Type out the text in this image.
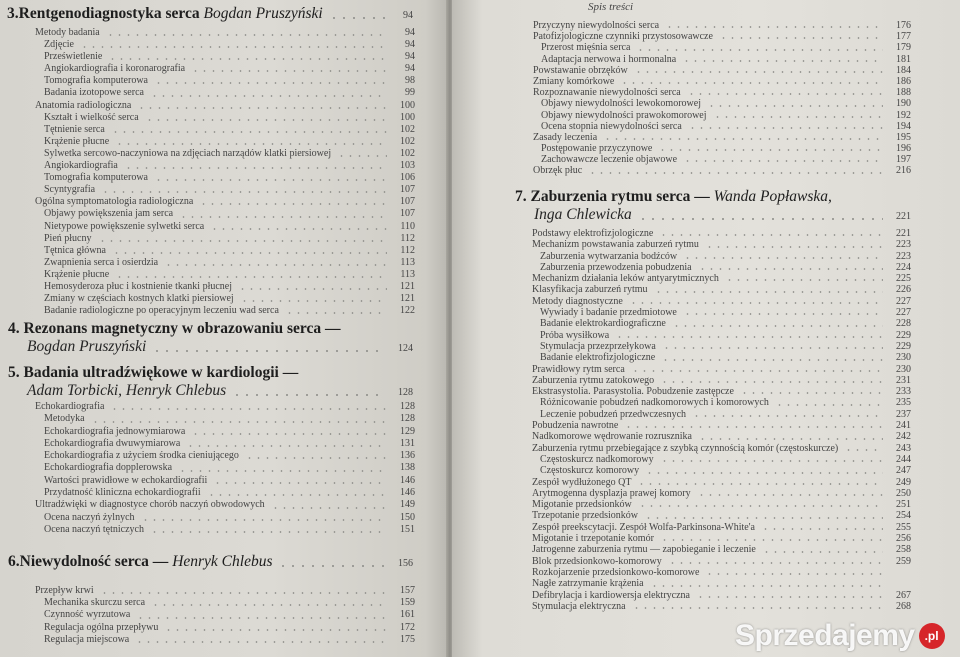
Spis treści
Sprzedajemy .pl
3. Rentgenodiagnostyka serca
Bogdan Pruszyński	94
Metody badania	94
Zdjęcie	94
Prześwietlenie	94
Angiokardiografia i koronarografia	94
Tomografia komputerowa	98
Badania izotopowe serca	99
Anatomia radiologiczna	100
Kształt i wielkość serca	100
Tętnienie serca	102
Krążenie płucne	102
Sylwetka sercowo-naczyniowa na zdjęciach narządów klatki piersiowej	102
Angiokardiografia	103
Tomografia komputerowa	106
Scyntygrafia	107
Ogólna symptomatologia radiologiczna	107
Objawy powiększenia jam serca	107
Nietypowe powiększenie sylwetki serca	110
Pień płucny	112
Tętnica główna	112
Zwapnienia serca i osierdzia	113
Krążenie płucne	113
Hemosyderoza płuc i kostnienie tkanki płucnej	121
Zmiany w częściach kostnych klatki piersiowej	121
Badanie radiologiczne po operacyjnym leczeniu wad serca	122
4. Rezonans magnetyczny w obrazowaniu serca —
Bogdan Pruszyński	124
5. Badania ultradźwiękowe w kardiologii —
Adam Torbicki, Henryk Chlebus	128
Echokardiografia	128
Metodyka	128
Echokardiografia jednowymiarowa	129
Echokardiografia dwuwymiarowa	131
Echokardiografia z użyciem środka cieniującego	136
Echokardiografia dopplerowska	138
Wartości prawidłowe w echokardiografii	146
Przydatność kliniczna echokardiografii	146
Ultradźwięki w diagnostyce chorób naczyń obwodowych	149
Ocena naczyń żylnych	150
Ocena naczyń tętniczych	151
6. Niewydolność serca —
Henryk Chlebus	156
Przepływ krwi	157
Mechanika skurczu serca	159
Czynność wyrzutowa	161
Regulacja ogólna przepływu	172
Regulacja miejscowa	175
Przyczyny niewydolności serca	176
Patofizjologiczne czynniki przystosowawcze	177
Przerost mięśnia serca	179
Adaptacja nerwowa i hormonalna	181
Powstawanie obrzęków	184
Zmiany komórkowe	186
Rozpoznawanie niewydolności serca	188
Objawy niewydolności lewokomorowej	190
Objawy niewydolności prawokomorowej	192
Ocena stopnia niewydolności serca	194
Zasady leczenia	195
Postępowanie przyczynowe	196
Zachowawcze leczenie objawowe	197
Obrzęk płuc	216
7. Zaburzenia rytmu serca — Wanda Popławska,
Inga Chlewicka	221
Podstawy elektrofizjologiczne	221
Mechanizm powstawania zaburzeń rytmu	223
Zaburzenia wytwarzania bodźców	223
Zaburzenia przewodzenia pobudzenia	224
Mechanizm działania leków antyarytmicznych	225
Klasyfikacja zaburzeń rytmu	226
Metody diagnostyczne	227
Wywiady i badanie przedmiotowe	227
Badanie elektrokardiograficzne	228
Próba wysiłkowa	229
Stymulacja przezprzełykowa	229
Badanie elektrofizjologiczne	230
Prawidłowy rytm serca	230
Zaburzenia rytmu zatokowego	231
Ekstrasystolia. Parasystolia. Pobudzenie zastępcze	233
Różnicowanie pobudzeń nadkomorowych i komorowych	235
Leczenie pobudzeń przedwczesnych	237
Pobudzenia nawrotne	241
Nadkomorowe wędrowanie rozrusznika	242
Zaburzenia rytmu przebiegające z szybką czynnością komór (częstoskurcze)	243
Częstoskurcz nadkomorowy	244
Częstoskurcz komorowy	247
Zespół wydłużonego QT	249
Arytmogenna dysplazja prawej komory	250
Migotanie przedsionków	251
Trzepotanie przedsionków	254
Zespół preekscytacji. Zespół Wolfa-Parkinsona-White'a	255
Migotanie i trzepotanie komór	256
Jatrogenne zaburzenia rytmu — zapobieganie i leczenie	258
Blok przedsionkowo-komorowy	259
Rozkojarzenie przedsionkowo-komorowe
Nagłe zatrzymanie krążenia
Defibrylacja i kardiowersja elektryczna	267
Stymulacja elektryczna	268
